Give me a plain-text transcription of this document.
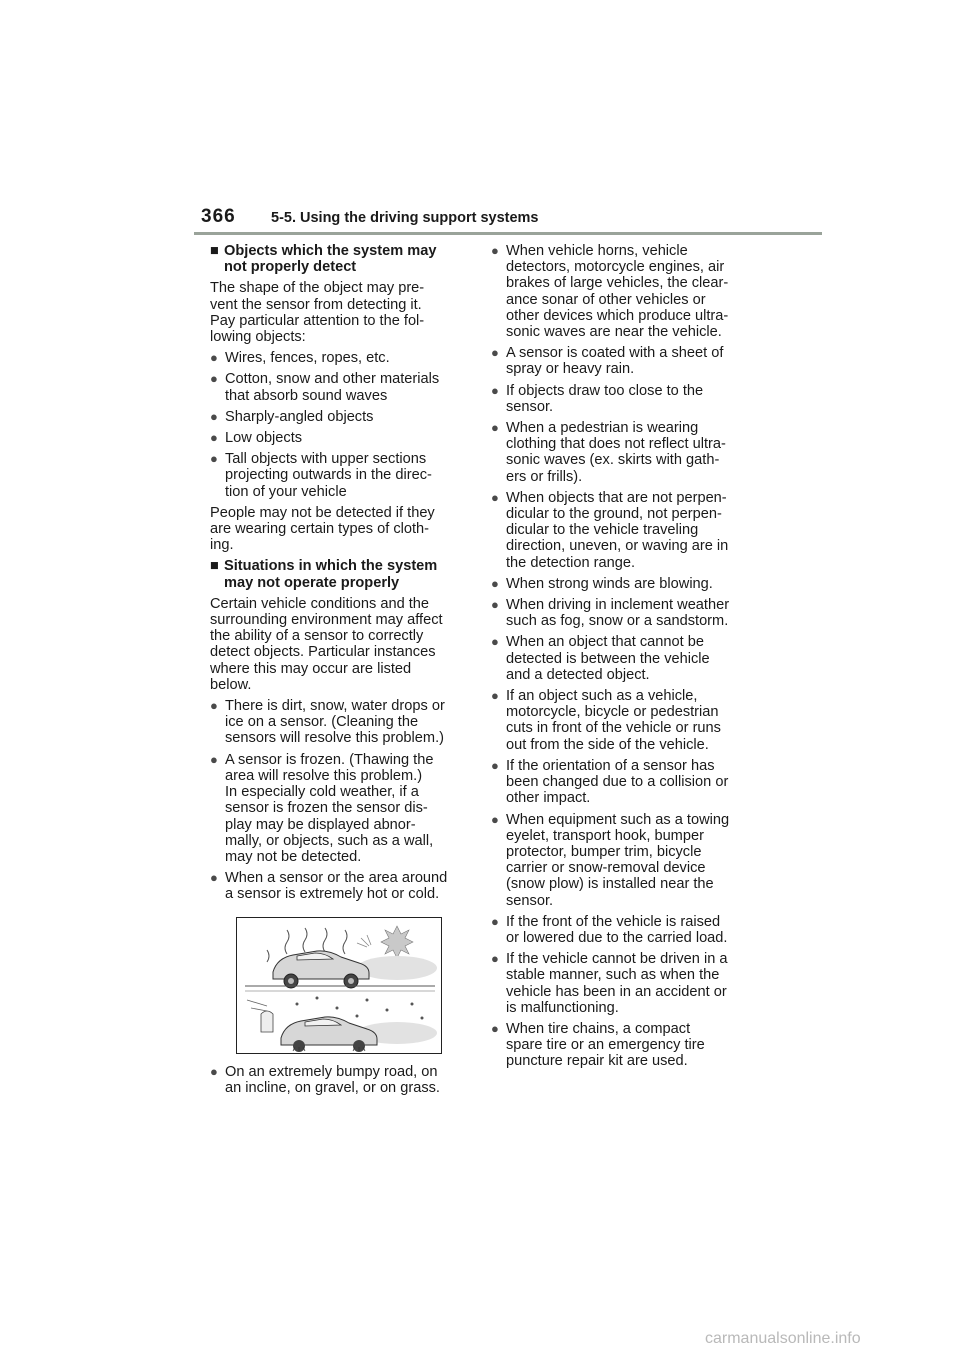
366 5-5. Using the driving support systems
■ Objects which the system may
not properly detect
The shape of the object may pre-
vent the sensor from detecting it.
Pay particular attention to the fol-
lowing objects:
● Wires, fences, ropes, etc.
● Cotton, snow and other materials
that absorb sound waves
● Sharply-angled objects
● Low objects
● Tall objects with upper sections
projecting outwards in the direc-
tion of your vehicle
People may not be detected if they
are wearing certain types of cloth-
ing.
■ Situations in which the system
may not operate properly
Certain vehicle conditions and the
surrounding environment may affect
the ability of a sensor to correctly
detect objects. Particular instances
where this may occur are listed
below.
● There is dirt, snow, water drops or
ice on a sensor. (Cleaning the
sensors will resolve this problem.)
● A sensor is frozen. (Thawing the
area will resolve this problem.)
In especially cold weather, if a
sensor is frozen the sensor dis-
play may be displayed abnor-
mally, or objects, such as a wall,
may not be detected.
● When a sensor or the area around
a sensor is extremely hot or cold.
● On an extremely bumpy road, on
an incline, on gravel, or on grass.
● When vehicle horns, vehicle
detectors, motorcycle engines, air
brakes of large vehicles, the clear-
ance sonar of other vehicles or
other devices which produce ultra-
sonic waves are near the vehicle.
● A sensor is coated with a sheet of
spray or heavy rain.
● If objects draw too close to the
sensor.
● When a pedestrian is wearing
clothing that does not reflect ultra-
sonic waves (ex. skirts with gath-
ers or frills).
● When objects that are not perpen-
dicular to the ground, not perpen-
dicular to the vehicle traveling
direction, uneven, or waving are in
the detection range.
● When strong winds are blowing.
● When driving in inclement weather
such as fog, snow or a sandstorm.
● When an object that cannot be
detected is between the vehicle
and a detected object.
● If an object such as a vehicle,
motorcycle, bicycle or pedestrian
cuts in front of the vehicle or runs
out from the side of the vehicle.
● If the orientation of a sensor has
been changed due to a collision or
other impact.
● When equipment such as a towing
eyelet, transport hook, bumper
protector, bumper trim, bicycle
carrier or snow-removal device
(snow plow) is installed near the
sensor.
● If the front of the vehicle is raised
or lowered due to the carried load.
● If the vehicle cannot be driven in a
stable manner, such as when the
vehicle has been in an accident or
is malfunctioning.
● When tire chains, a compact
spare tire or an emergency tire
puncture repair kit are used.
carmanualsonline.info
